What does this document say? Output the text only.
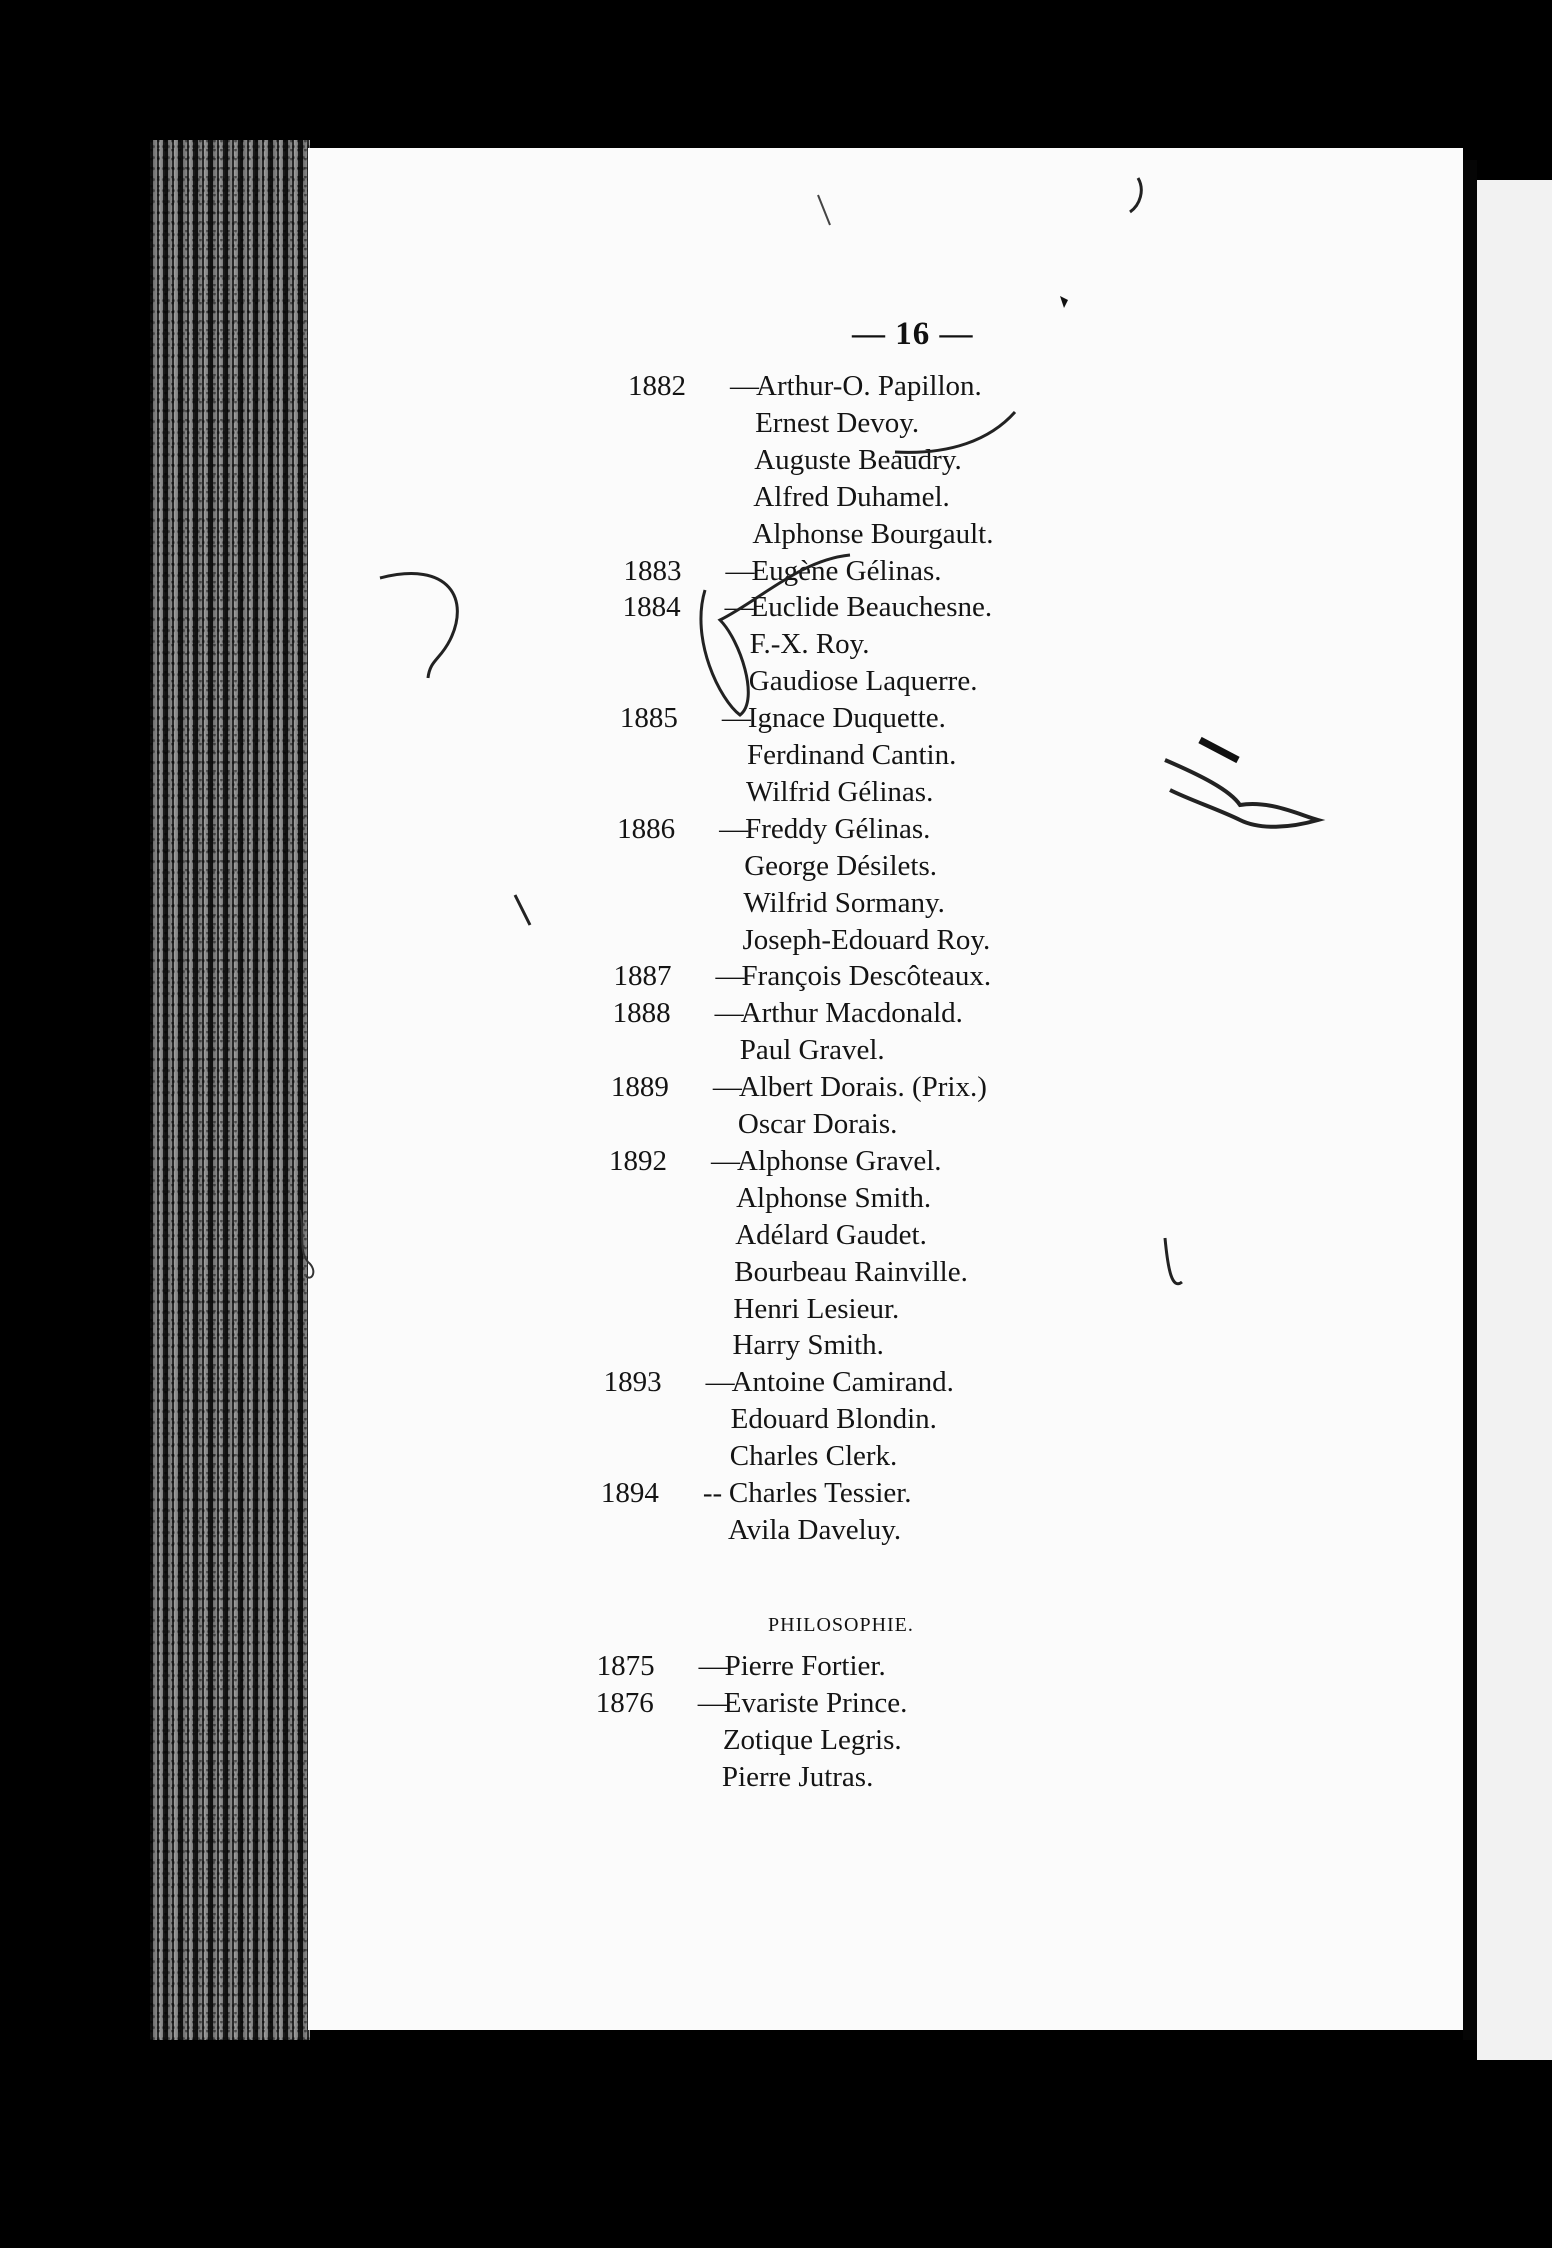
— 16 —
1882 —Arthur-O. Papillon.
Ernest Devoy.
Auguste Beaudry.
Alfred Duhamel.
Alphonse Bourgault.
1883 —Eugène Gélinas.
1884 —Euclide Beauchesne.
F.-X. Roy.
Gaudiose Laquerre.
1885 —Ignace Duquette.
Ferdinand Cantin.
Wilfrid Gélinas.
1886 —Freddy Gélinas.
George Désilets.
Wilfrid Sormany.
Joseph-Edouard Roy.
1887 —François Descôteaux.
1888 —Arthur Macdonald.
Paul Gravel.
1889 —Albert Dorais. (Prix.)
Oscar Dorais.
1892 —Alphonse Gravel.
Alphonse Smith.
Adélard Gaudet.
Bourbeau Rainville.
Henri Lesieur.
Harry Smith.
1893 —Antoine Camirand.
Edouard Blondin.
Charles Clerk.
1894 -- Charles Tessier.
Avila Daveluy.
1875 —Pierre Fortier.
1876 —Evariste Prince.
Zotique Legris.
Pierre Jutras.
PHILOSOPHIE.
